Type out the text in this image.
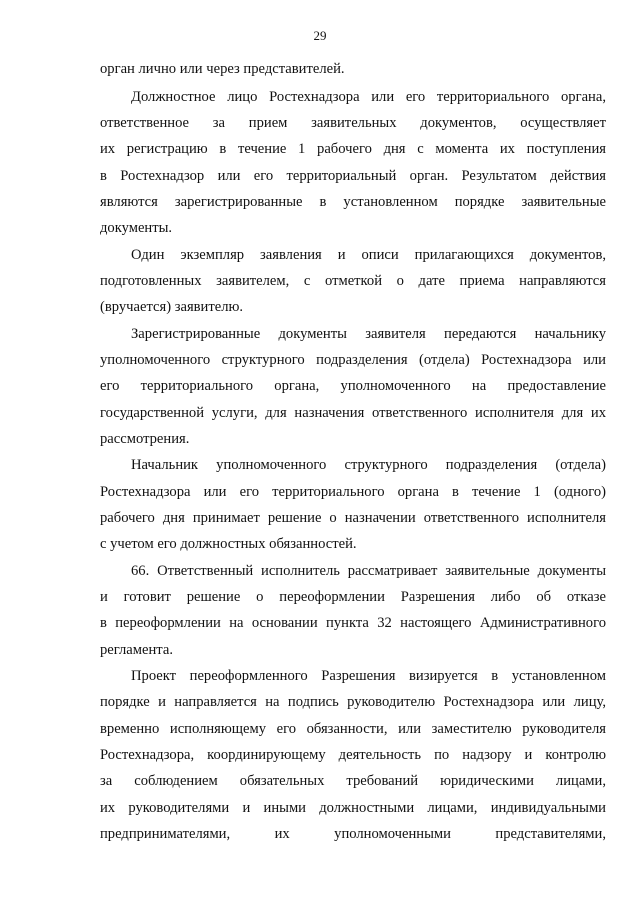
29
орган лично или через представителей.
Должностное лицо Ростехнадзора или его территориального органа,
ответственное за прием заявительных документов, осуществляет
их регистрацию в течение 1 рабочего дня с момента их поступления
в Ростехнадзор или его территориальный орган. Результатом действия
являются зарегистрированные в установленном порядке заявительные
документы.
Один экземпляр заявления и описи прилагающихся документов,
подготовленных заявителем, с отметкой о дате приема направляются
(вручается) заявителю.
Зарегистрированные документы заявителя передаются начальнику
уполномоченного структурного подразделения (отдела) Ростехнадзора или
его территориального органа, уполномоченного на предоставление
государственной услуги, для назначения ответственного исполнителя для их
рассмотрения.
Начальник уполномоченного структурного подразделения (отдела)
Ростехнадзора или его территориального органа в течение 1 (одного)
рабочего дня принимает решение о назначении ответственного исполнителя
с учетом его должностных обязанностей.
66. Ответственный исполнитель рассматривает заявительные документы
и готовит решение о переоформлении Разрешения либо об отказе
в переоформлении на основании пункта 32 настоящего Административного
регламента.
Проект переоформленного Разрешения визируется в установленном
порядке и направляется на подпись руководителю Ростехнадзора или лицу,
временно исполняющему его обязанности, или заместителю руководителя
Ростехнадзора, координирующему деятельность по надзору и контролю
за соблюдением обязательных требований юридическими лицами,
их руководителями и иными должностными лицами, индивидуальными
предпринимателями, их уполномоченными представителями,
